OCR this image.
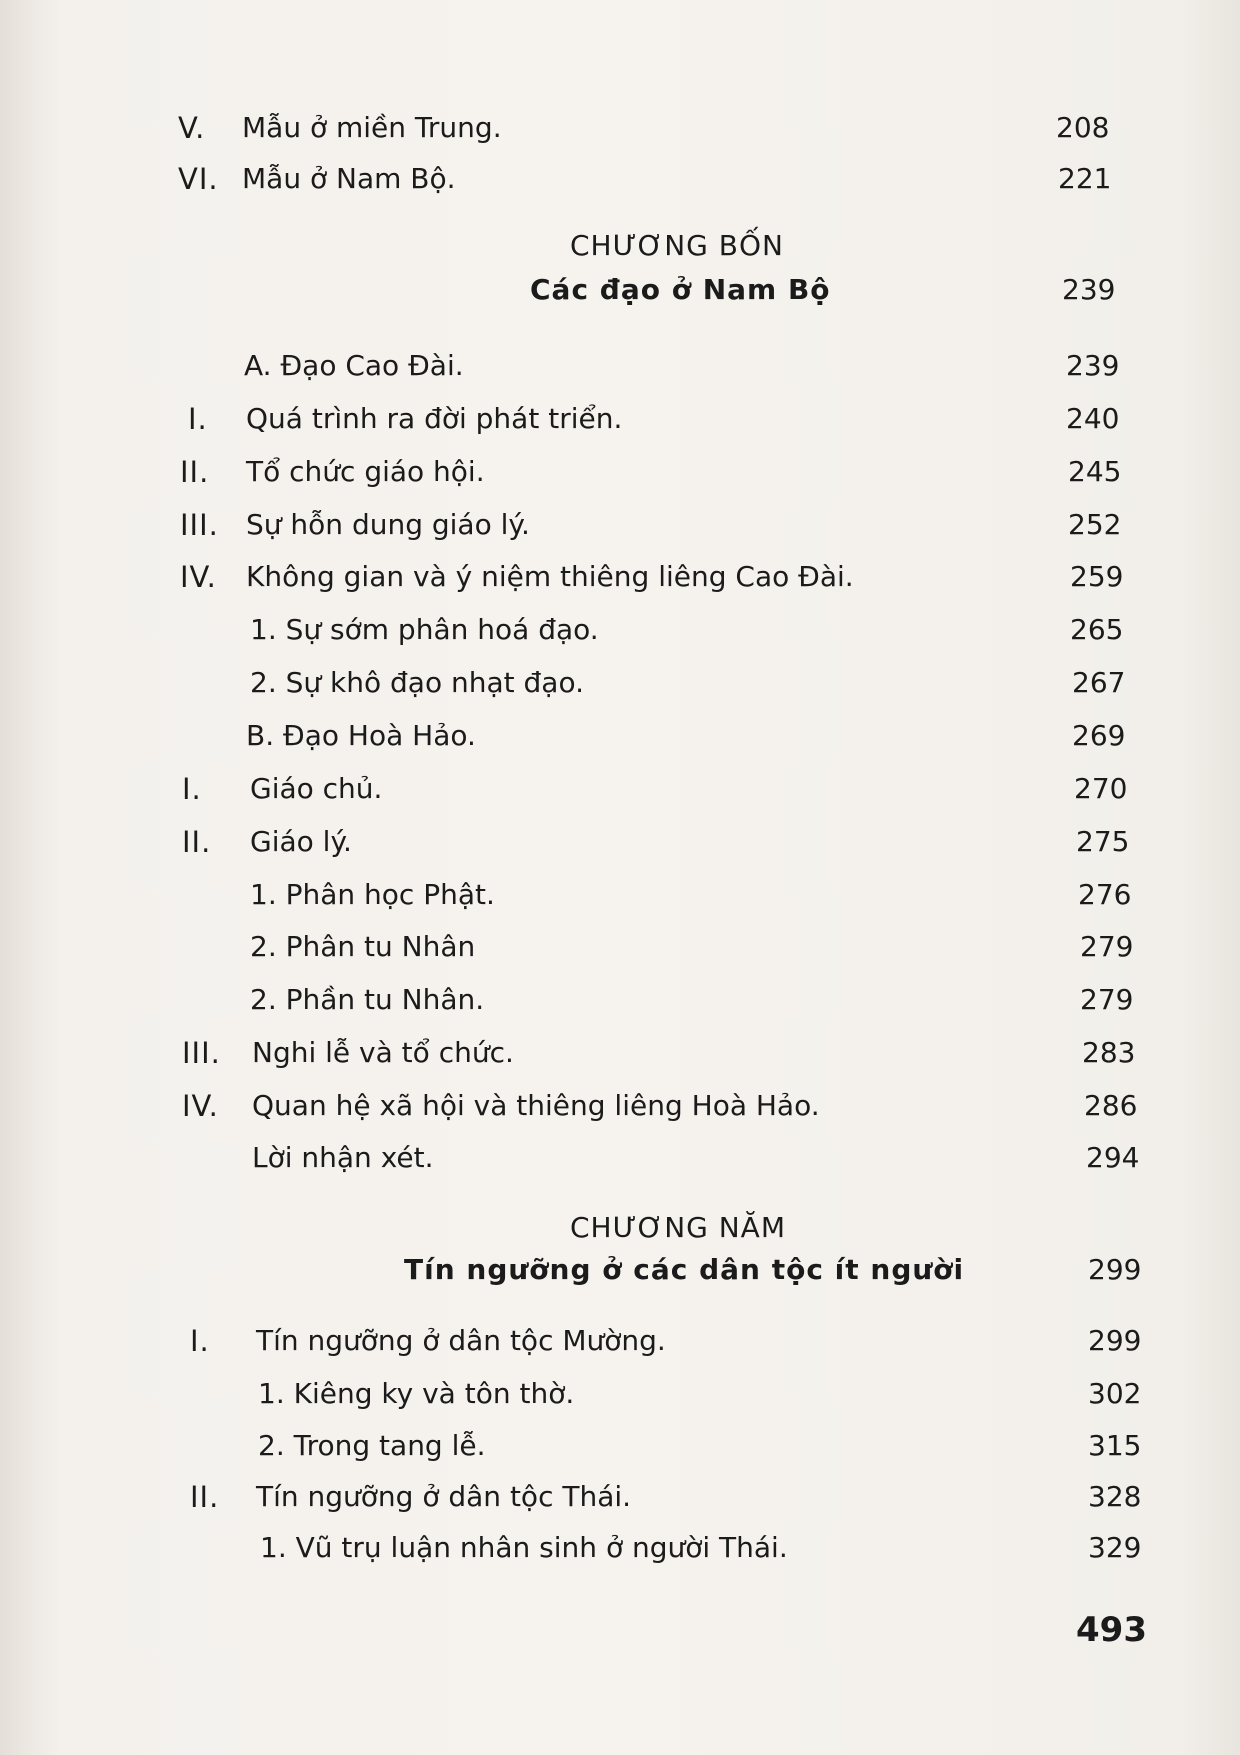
V. Mẫu ở miền Trung.	208
VI. Mẫu ở Nam Bộ.	221
CHƯƠNG BỐN
Các đạo ở Nam Bộ	239
A. Đạo Cao Đài.	239
I. Quá trình ra đời phát triển.	240
II. Tổ chức giáo hội.	245
III. Sự hỗn dung giáo lý.	252
IV. Không gian và ý niệm thiêng liêng Cao Đài.	259
1. Sự sớm phân hoá đạo.	265
2. Sự khô đạo nhạt đạo.	267
B. Đạo Hoà Hảo.	269
I. Giáo chủ.	270
II. Giáo lý.	275
1. Phân học Phật.	276
2. Phân tu Nhân	279
2. Phần tu Nhân.	279
III. Nghi lễ và tổ chức.	283
IV. Quan hệ xã hội và thiêng liêng Hoà Hảo.	286
Lời nhận xét.	294
CHƯƠNG NĂM
Tín ngưỡng ở các dân tộc ít người	299
I. Tín ngưỡng ở dân tộc Mường.	299
1. Kiêng ky và tôn thờ.	302
2. Trong tang lễ.	315
II. Tín ngưỡng ở dân tộc Thái.	328
1. Vũ trụ luận nhân sinh ở người Thái.	329
493
